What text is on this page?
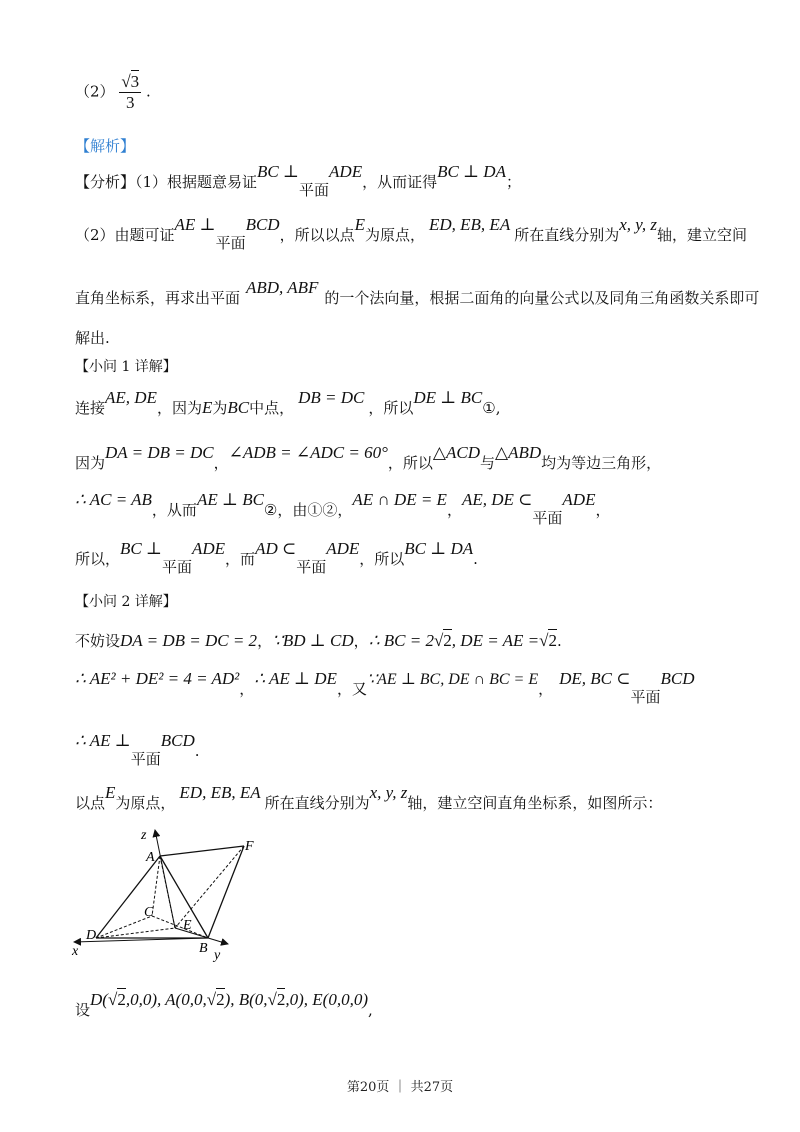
$(2) \frac{√3}{3}$ .
【解析】
【分析】（1）根据题意易证BC ⊥平面ADE，从而证得BC ⊥ DA；
（2）由题可证AE ⊥平面BCD，所以以点E为原点，ED, EB, EA所在直线分别为x, y, z轴，建立空间
直角坐标系，再求出平面ABD, ABF的一个法向量，根据二面角的向量公式以及同角三角函数关系即可
解出.
【小问 1 详解】
连接AE, DE，因为E为BC中点，DB = DC，所以DE ⊥ BC①,
因为DA = DB = DC，∠ADB = ∠ADC = 60°，所以△ACD与△ABD均为等边三角形，
∴ AC = AB，从而AE ⊥ BC②，由①②，AE ∩ DE = E，AE, DE ⊂平面ADE，
所以，BC ⊥平面ADE，而AD ⊂平面ADE，所以BC ⊥ DA.
【小问 2 详解】
不妨设DA = DB = DC = 2，∵BD ⊥ CD，∴ BC = 2√2, DE = AE =√2.
∴ AE² + DE² = 4 = AD²，∴ AE ⊥ DE，又∵AE ⊥ BC, DE ∩ BC = E，DE, BC ⊂平面BCD
∴ AE ⊥平面BCD.
以点E为原点，ED, EB, EA所在直线分别为x, y, z轴，建立空间直角坐标系，如图所示：
z
A
F
C
E
D
x	B y
设D(√2,0,0), A(0,0,√2), B(0,√2,0), E(0,0,0),
第20页 ｜ 共27页
